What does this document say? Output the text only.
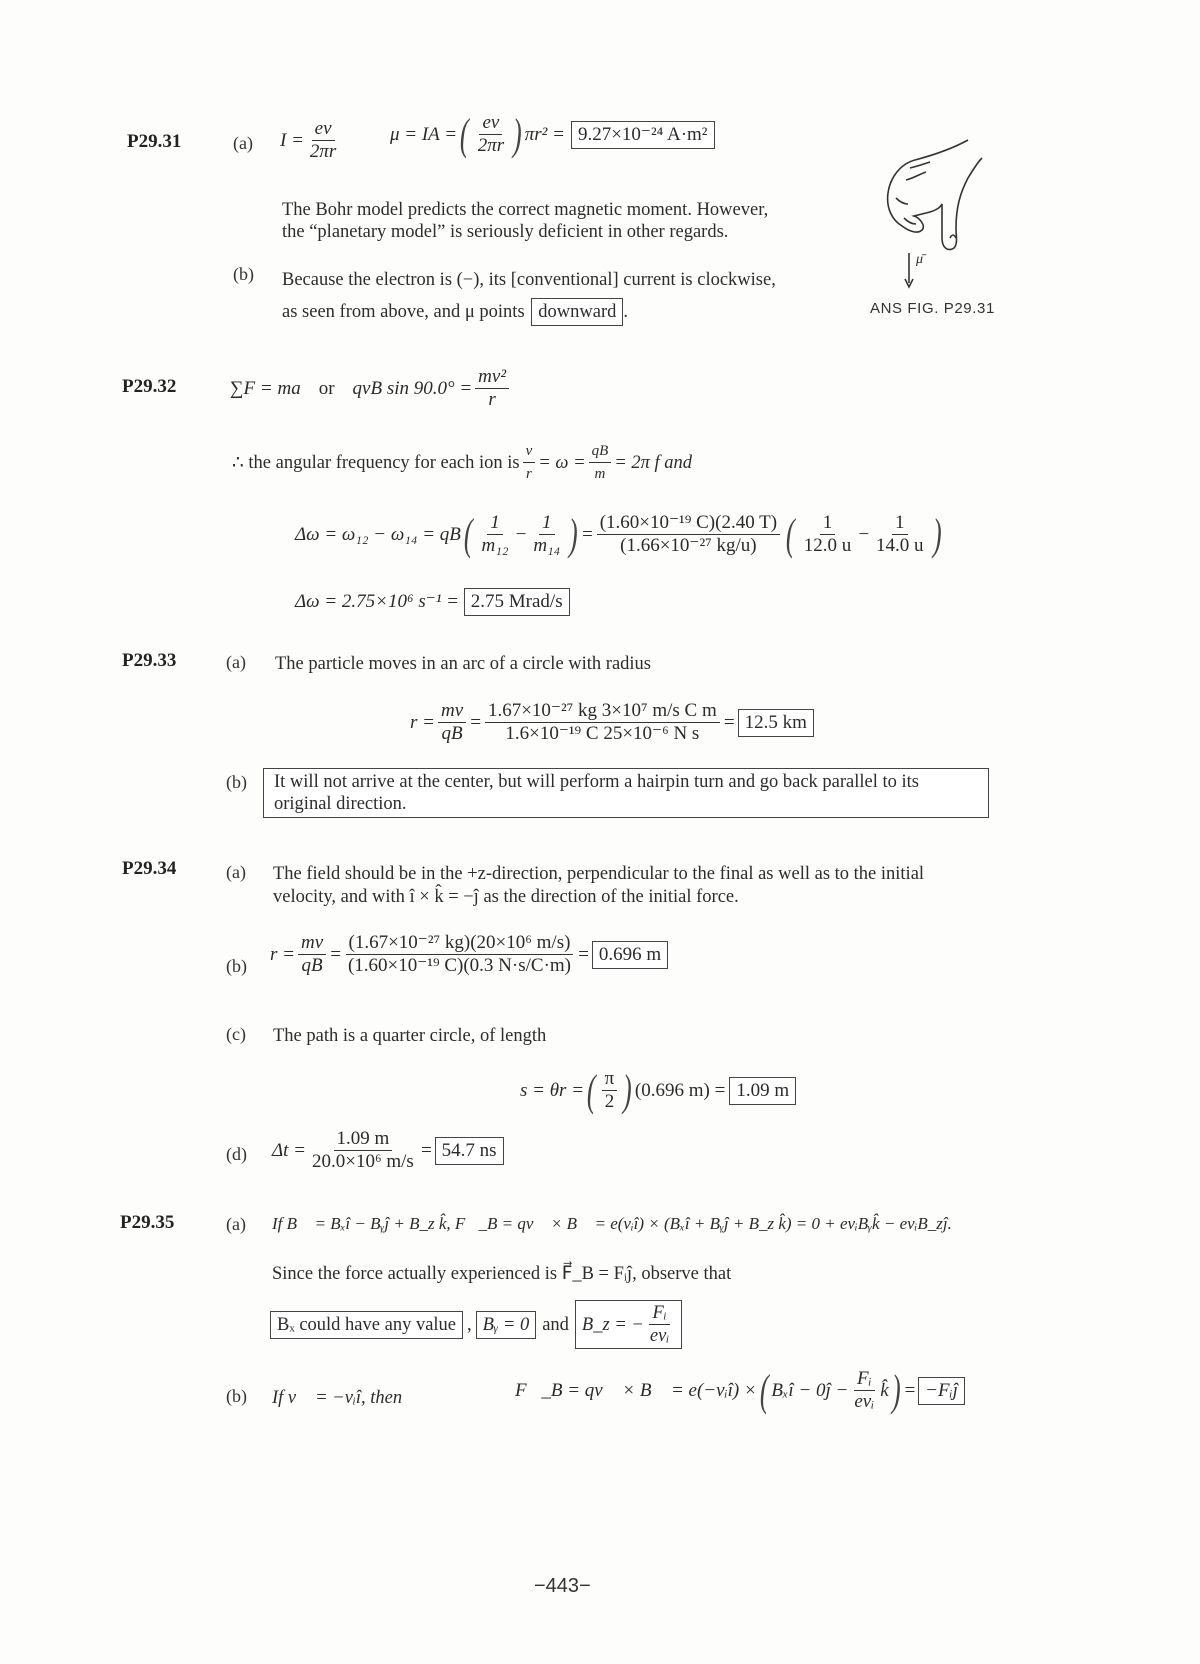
P29.31	(a) $I = \frac{ev}{2\pi r}$	μ = IA = ( $\frac{ev}{2\pi r}$ ) πr² = 9.27×10⁻²⁴ A·m²
The Bohr model predicts the correct magnetic moment. However,
the “planetary model” is seriously deficient in other regards.
(b) Because the electron is (−), its [conventional] current is clockwise,
as seen from above, and μ points downward .
μ̄
ANS FIG. P29.31
P29.32	∑F = ma or qvB $\sin 90.0^\circ = \frac{\text{mv²}}{r}$
∴ the angular frequency for each ion is $\frac{v}{r} = \omega = \frac{qB}{m} = 2\pi$ f and
Δω = ω₁₂ − ω₁₄ = qB ( $\frac{1}{\text{m₁₂}} - \frac{1}{\text{m₁₄}}$ ) = $\frac{\text{(1.60×10⁻¹⁹ C)(2.40 T)}}{\text{(1.66×10⁻²⁷ kg/u)}}$ ( $\frac{1}{12.0 u} - \frac{1}{14.0 u}$ )
Δω = 2.75×10⁶ s⁻¹ = 2.75 Mrad/s
P29.33	(a) The particle moves in an arc of a circle with radius
$r = \frac{mv}{qB} = \frac{\text{1.67×10⁻²⁷ kg 3×10⁷ m/s C m}}{\text{1.6×10⁻¹⁹ C 25×10⁻⁶ N s}} = 12.5$ km
(b)	It will not arrive at the center, but will perform a hairpin turn and go back parallel to its original direction.
P29.34	(a) The field should be in the +z-direction, perpendicular to the final as well as to the initial
velocity, and with î × k̂ = −ĵ as the direction of the initial force.
(b)
$r = \frac{mv}{qB} = \frac{\text{(1.67×10⁻²⁷ kg)(20×10⁶ m/s)}}{\text{(1.60×10⁻¹⁹ C)(0.3 N·s/C·m)}} = 0.696$ m
(c) The path is a quarter circle, of length
s = θr = ( $\frac{\pi}{2}$ ) (0.696 m) = 1.09 m
(d) $\Delta t = \frac{1.09 m}{\text{20.0×10⁶ m/s}} = 54.7$ ns
P29.35	(a) If B⃗ = Bₓî − Bᵧĵ + B_z k̂, F⃗_B = qv⃗ × B⃗ = e(vᵢî) × (Bₓî + Bᵧĵ + B_z k̂) = 0 + evᵢBᵧk̂ − evᵢB_zĵ.
Since the force actually experienced is F⃗_B = Fᵢĵ, observe that
Bₓ could have any value , Bᵧ = 0 and B_z = − $\frac{\text{Fᵢ}}{\text{evᵢ}}$
(b) If v⃗ = −vᵢî, then	F⃗_B = qv⃗ × B⃗ = e(−vᵢî) × ( Bₓî − 0ĵ − $\frac{\text{Fᵢ}}{\text{evᵢ}}$ k̂ ) = −Fᵢĵ
−443−
